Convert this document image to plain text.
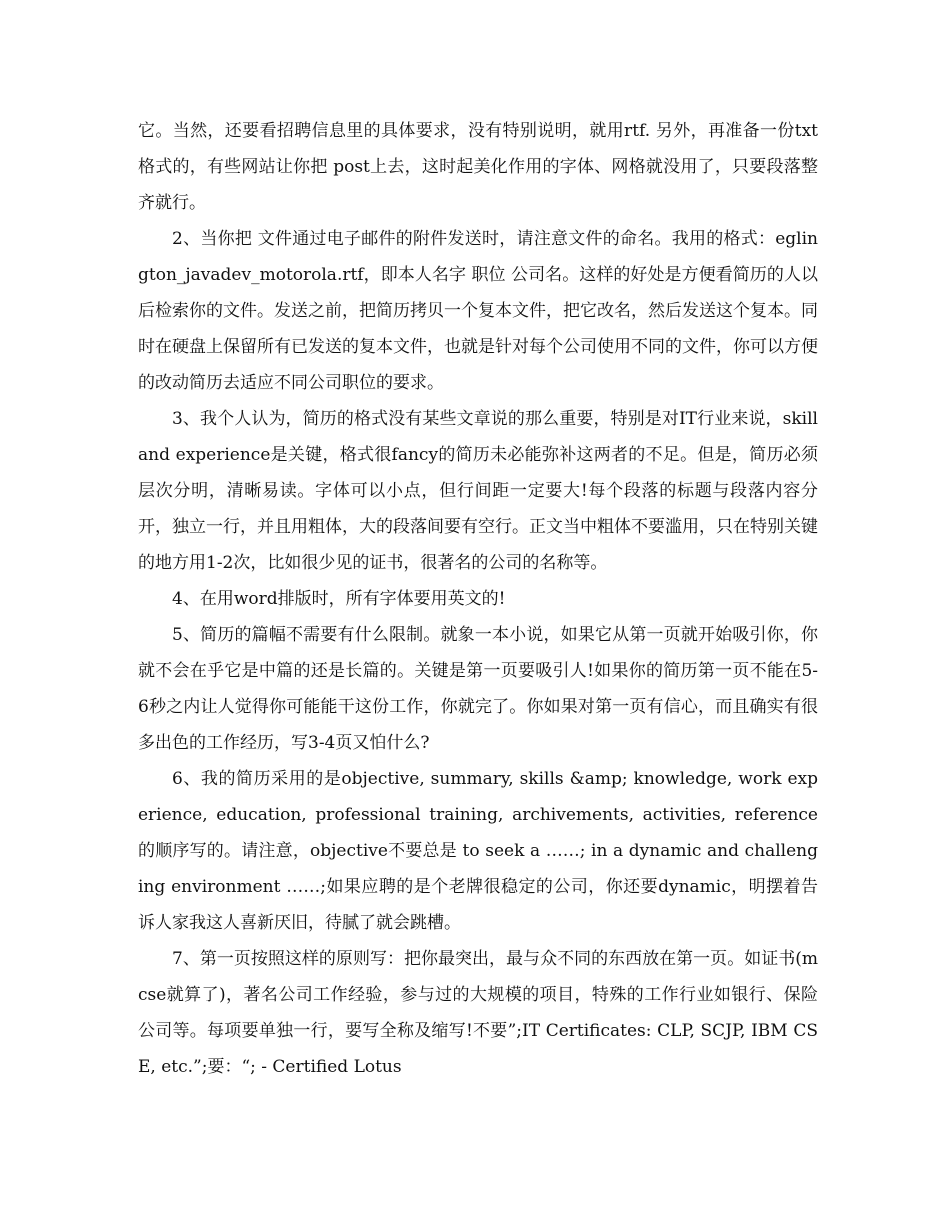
它。当然，还要看招聘信息里的具体要求，没有特别说明，就用rtf. 另外，再准备一份txt格式的，有些网站让你把 post上去，这时起美化作用的字体、网格就没用了，只要段落整齐就行。

2、当你把 文件通过电子邮件的附件发送时，请注意文件的命名。我用的格式：eglington_javadev_motorola.rtf，即本人名字 职位 公司名。这样的好处是方便看简历的人以后检索你的文件。发送之前，把简历拷贝一个复本文件，把它改名，然后发送这个复本。同时在硬盘上保留所有已发送的复本文件，也就是针对每个公司使用不同的文件，你可以方便的改动简历去适应不同公司职位的要求。

3、我个人认为，简历的格式没有某些文章说的那么重要，特别是对IT行业来说，skill and experience是关键，格式很fancy的简历未必能弥补这两者的不足。但是，简历必须层次分明，清晰易读。字体可以小点，但行间距一定要大!每个段落的标题与段落内容分开，独立一行，并且用粗体，大的段落间要有空行。正文当中粗体不要滥用，只在特别关键的地方用1-2次，比如很少见的证书，很著名的公司的名称等。

4、在用word排版时，所有字体要用英文的!

5、简历的篇幅不需要有什么限制。就象一本小说，如果它从第一页就开始吸引你，你就不会在乎它是中篇的还是长篇的。关键是第一页要吸引人!如果你的简历第一页不能在5-6秒之内让人觉得你可能能干这份工作，你就完了。你如果对第一页有信心，而且确实有很多出色的工作经历，写3-4页又怕什么?

6、我的简历采用的是objective, summary, skills &amp; knowledge, work experience, education, professional training, archivements, activities, reference 的顺序写的。请注意，objective不要总是 to seek a ……; in a dynamic and challenging environment ……;如果应聘的是个老牌很稳定的公司，你还要dynamic，明摆着告诉人家我这人喜新厌旧，待腻了就会跳槽。

7、第一页按照这样的原则写：把你最突出，最与众不同的东西放在第一页。如证书(mcse就算了)，著名公司工作经验，参与过的大规模的项目，特殊的工作行业如银行、保险公司等。每项要单独一行，要写全称及缩写!不要”;IT Certificates: CLP, SCJP, IBM CSE, etc.”;要：“; - Certified Lotus
